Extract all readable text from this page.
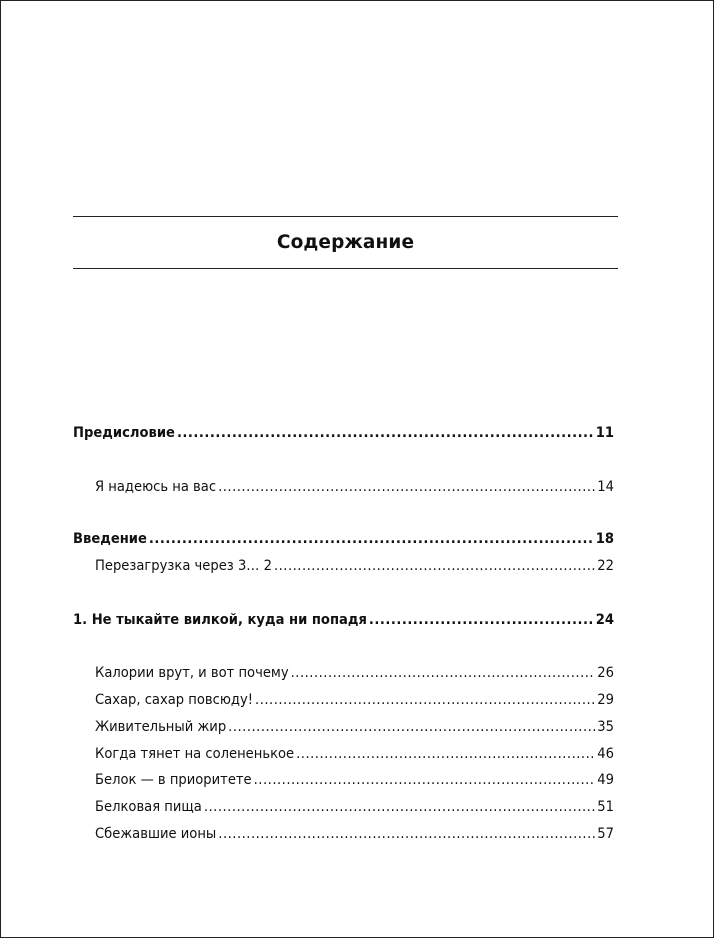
Содержание
Предисловие .....	11
Я надеюсь на вас .....	14
Введение .....	18
Перезагрузка через 3… 2 .....	22
1. Не тыкайте вилкой, куда ни попадя .....	24
Калории врут, и вот почему .....	26
Сахар, сахар повсюду! .....	29
Живительный жир .....	35
Когда тянет на солененькое .....	46
Белок — в приоритете .....	49
Белковая пища .....	51
Сбежавшие ионы .....	57
